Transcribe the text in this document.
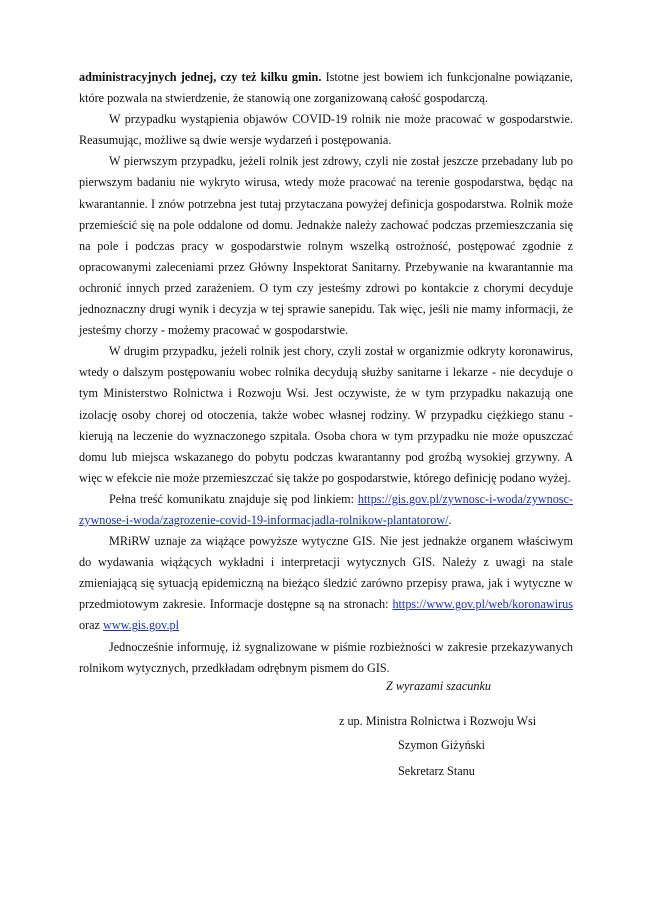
administracyjnych jednej, czy też kilku gmin. Istotne jest bowiem ich funkcjonalne powiązanie, które pozwala na stwierdzenie, że stanowią one zorganizowaną całość gospodarczą.

W przypadku wystąpienia objawów COVID-19 rolnik nie może pracować w gospodarstwie. Reasumując, możliwe są dwie wersje wydarzeń i postępowania.

W pierwszym przypadku, jeżeli rolnik jest zdrowy, czyli nie został jeszcze przebadany lub po pierwszym badaniu nie wykryto wirusa, wtedy może pracować na terenie gospodarstwa, będąc na kwarantannie. I znów potrzebna jest tutaj przytaczana powyżej definicja gospodarstwa. Rolnik może przemieścić się na pole oddalone od domu. Jednakże należy zachować podczas przemieszczania się na pole i podczas pracy w gospodarstwie rolnym wszelką ostrożność, postępować zgodnie z opracowanymi zaleceniami przez Główny Inspektorat Sanitarny. Przebywanie na kwarantannie ma ochronić innych przed zarażeniem. O tym czy jesteśmy zdrowi po kontakcie z chorymi decyduje jednoznaczny drugi wynik i decyzja w tej sprawie sanepidu. Tak więc, jeśli nie mamy informacji, że jesteśmy chorzy - możemy pracować w gospodarstwie.

W drugim przypadku, jeżeli rolnik jest chory, czyli został w organizmie odkryty koronawirus, wtedy o dalszym postępowaniu wobec rolnika decydują służby sanitarne i lekarze - nie decyduje o tym Ministerstwo Rolnictwa i Rozwoju Wsi. Jest oczywiste, że w tym przypadku nakazują one izolację osoby chorej od otoczenia, także wobec własnej rodziny. W przypadku ciężkiego stanu - kierują na leczenie do wyznaczonego szpitala. Osoba chora w tym przypadku nie może opuszczać domu lub miejsca wskazanego do pobytu podczas kwarantanny pod groźbą wysokiej grzywny. A więc w efekcie nie może przemieszczać się także po gospodarstwie, którego definicję podano wyżej.

Pełna treść komunikatu znajduje się pod linkiem: https://gis.gov.pl/zywnosc-i-woda/zywnosc-zywnose-i-woda/zagrozenie-covid-19-informacjadla-rolnikow-plantatorow/.

MRiRW uznaje za wiążące powyższe wytyczne GIS. Nie jest jednakże organem właściwym do wydawania wiążących wykładni i interpretacji wytycznych GIS. Należy z uwagi na stale zmieniającą się sytuacją epidemiczną na bieżąco śledzić zarówno przepisy prawa, jak i wytyczne w przedmiotowym zakresie. Informacje dostępne są na stronach: https://www.gov.pl/web/koronawirus oraz www.gis.gov.pl

Jednocześnie informuję, iż sygnalizowane w piśmie rozbieżności w zakresie przekazywanych rolnikom wytycznych, przedkładam odrębnym pismem do GIS.

Z wyrazami szacunku
z up. Ministra Rolnictwa i Rozwoju Wsi
Szymon Giżyński
Sekretarz Stanu
